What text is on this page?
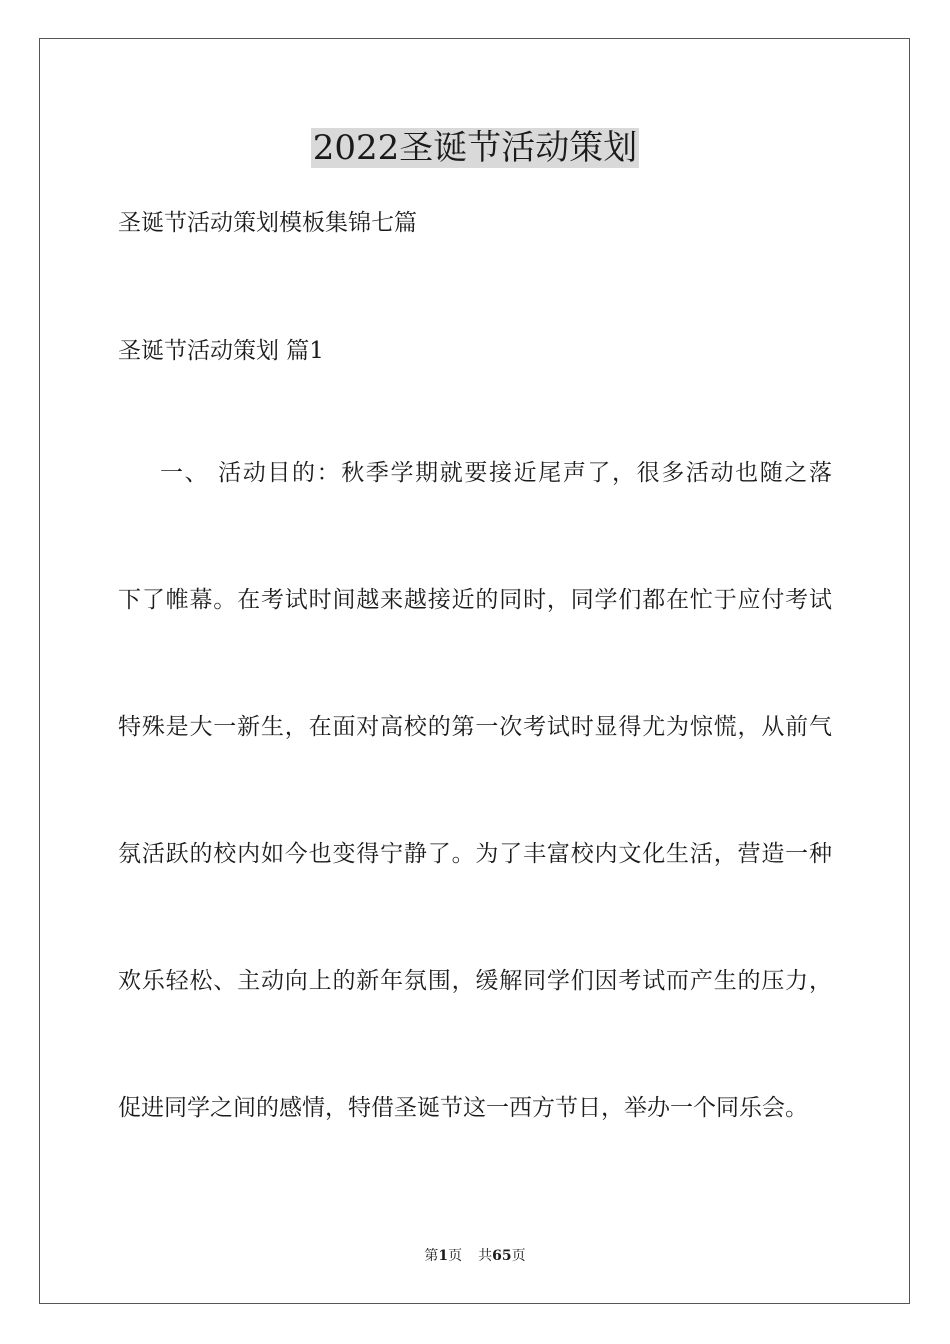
2022圣诞节活动策划
圣诞节活动策划模板集锦七篇
圣诞节活动策划 篇1
一、 活动目的：秋季学期就要接近尾声了，很多活动也随之落
下了帷幕。在考试时间越来越接近的同时，同学们都在忙于应付考试
特殊是大一新生，在面对高校的第一次考试时显得尤为惊慌，从前气
氛活跃的校内如今也变得宁静了。为了丰富校内文化生活，营造一种
欢乐轻松、主动向上的新年氛围，缓解同学们因考试而产生的压力，
促进同学之间的感情，特借圣诞节这一西方节日，举办一个同乐会。
第1页 共65页
